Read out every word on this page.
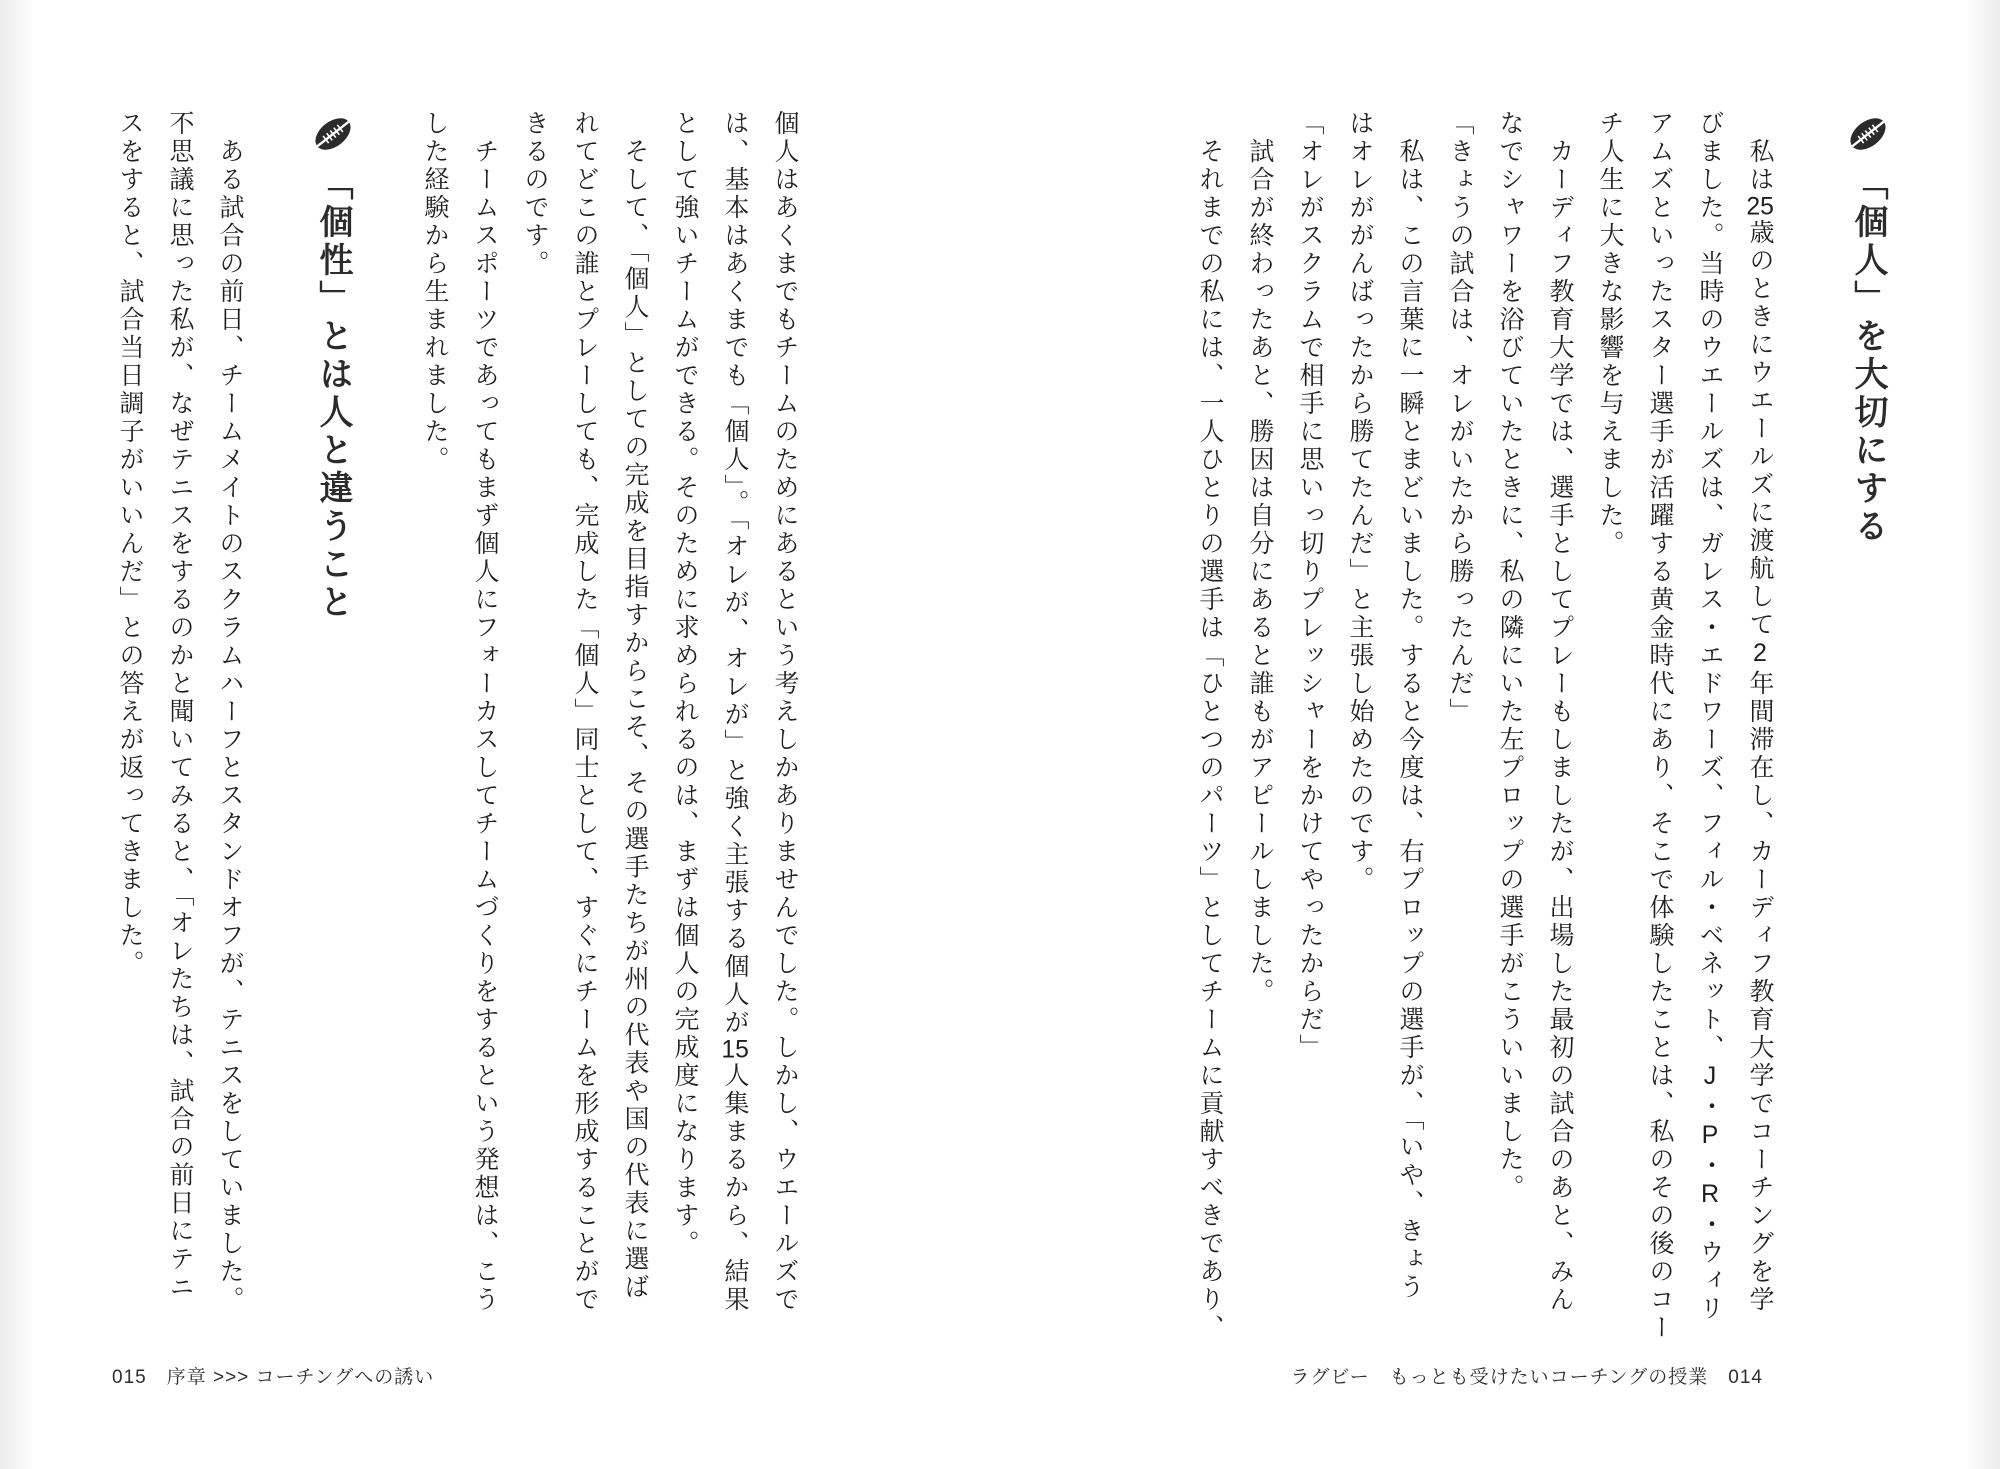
「個人」を大切にする
　私は25歳のときにウエールズに渡航して2年間滞在し、カーディフ教育大学でコーチングを学
びました。当時のウエールズは、ガレス・エドワーズ、フィル・ベネット、J・P・R・ウィリ
アムズといったスター選手が活躍する黄金時代にあり、そこで体験したことは、私のその後のコー
チ人生に大きな影響を与えました。
　カーディフ教育大学では、選手としてプレーもしましたが、出場した最初の試合のあと、みん
なでシャワーを浴びていたときに、私の隣にいた左プロップの選手がこういいました。
「きょうの試合は、オレがいたから勝ったんだ」
　私は、この言葉に一瞬とまどいました。すると今度は、右プロップの選手が、「いや、きょう
はオレががんばったから勝てたんだ」と主張し始めたのです。
「オレがスクラムで相手に思いっ切りプレッシャーをかけてやったからだ」
　試合が終わったあと、勝因は自分にあると誰もがアピールしました。
　それまでの私には、一人ひとりの選手は「ひとつのパーツ」としてチームに貢献すべきであり、
ラグビー　もっとも受けたいコーチングの授業　014
個人はあくまでもチームのためにあるという考えしかありませんでした。しかし、ウエールズで
は、基本はあくまでも「個人」。「オレが、オレが」と強く主張する個人が15人集まるから、結果
として強いチームができる。そのために求められるのは、まずは個人の完成度になります。
　そして、「個人」としての完成を目指すからこそ、その選手たちが州の代表や国の代表に選ば
れてどこの誰とプレーしても、完成した「個人」同士として、すぐにチームを形成することがで
きるのです。
　チームスポーツであってもまず個人にフォーカスしてチームづくりをするという発想は、こう
した経験から生まれました。
「個性」とは人と違うこと
　ある試合の前日、チームメイトのスクラムハーフとスタンドオフが、テニスをしていました。
不思議に思った私が、なぜテニスをするのかと聞いてみると、「オレたちは、試合の前日にテニ
スをすると、試合当日調子がいいんだ」との答えが返ってきました。
015　序章 >>> コーチングへの誘い
